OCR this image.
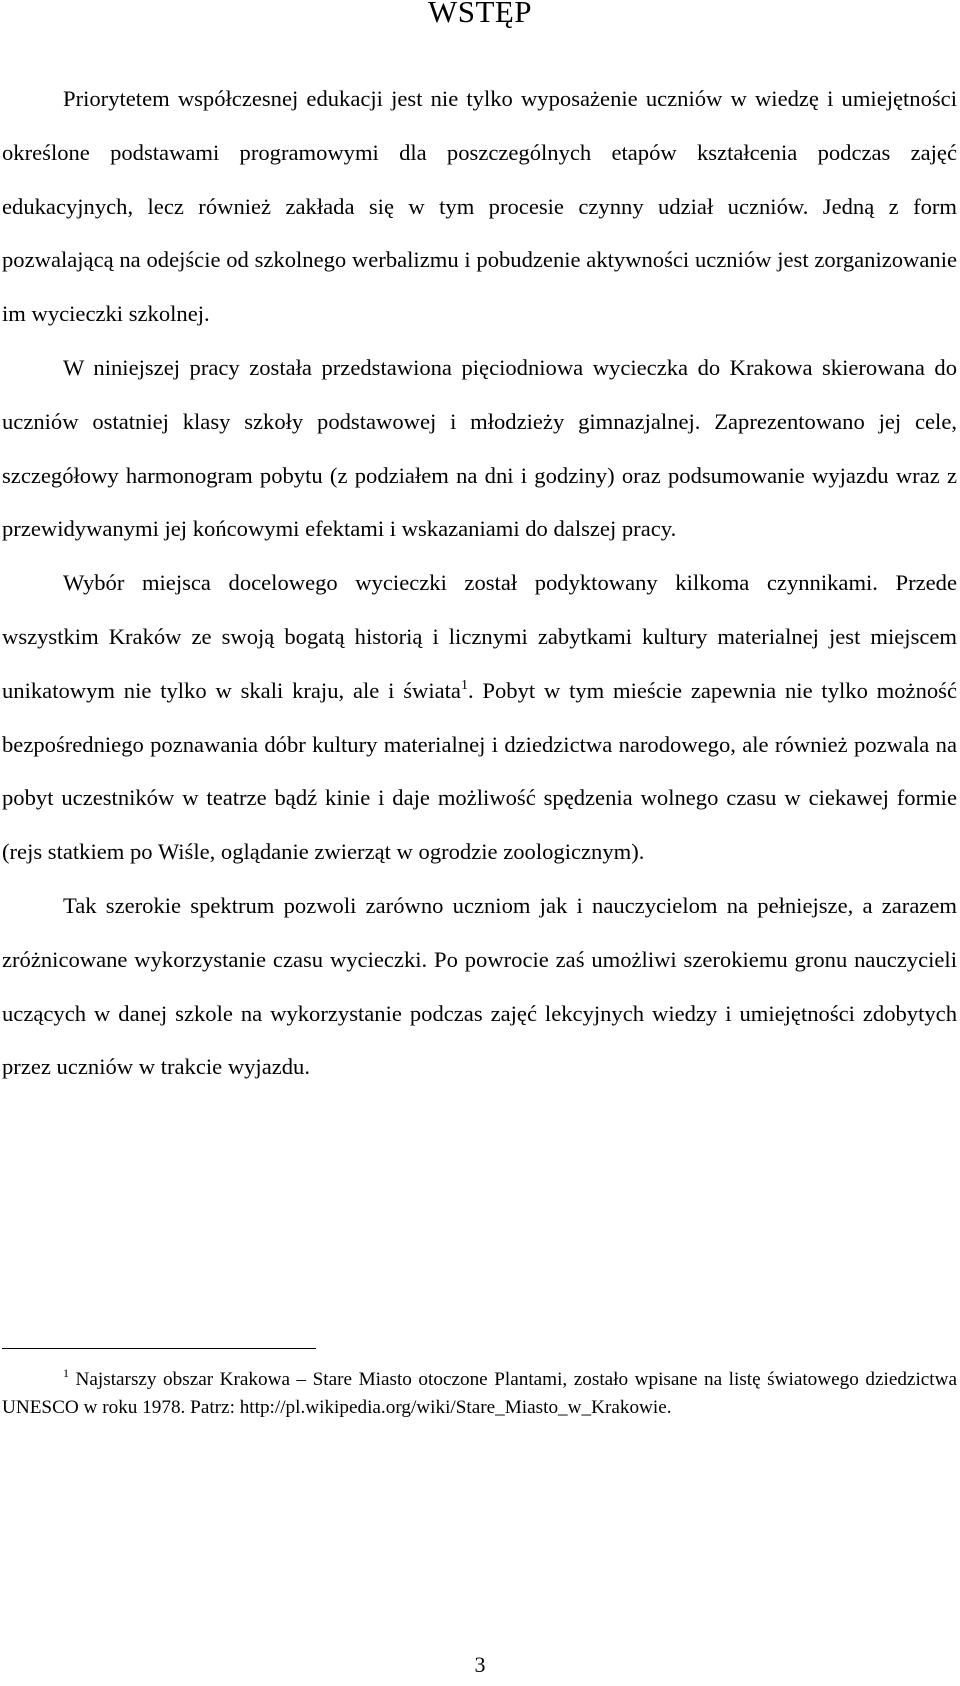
WSTĘP

Priorytetem współczesnej edukacji jest nie tylko wyposażenie uczniów w wiedzę i umiejętności określone podstawami programowymi dla poszczególnych etapów kształcenia podczas zajęć edukacyjnych, lecz również zakłada się w tym procesie czynny udział uczniów. Jedną z form pozwalającą na odejście od szkolnego werbalizmu i pobudzenie aktywności uczniów jest zorganizowanie im wycieczki szkolnej.

W niniejszej pracy została przedstawiona pięciodniowa wycieczka do Krakowa skierowana do uczniów ostatniej klasy szkoły podstawowej i młodzieży gimnazjalnej. Zaprezentowano jej cele, szczegółowy harmonogram pobytu (z podziałem na dni i godziny) oraz podsumowanie wyjazdu wraz z przewidywanymi jej końcowymi efektami i wskazaniami do dalszej pracy.

Wybór miejsca docelowego wycieczki został podyktowany kilkoma czynnikami. Przede wszystkim Kraków ze swoją bogatą historią i licznymi zabytkami kultury materialnej jest miejscem unikatowym nie tylko w skali kraju, ale i świata$^1$. Pobyt w tym mieście zapewnia nie tylko możność bezpośredniego poznawania dóbr kultury materialnej i dziedzictwa narodowego, ale również pozwala na pobyt uczestników w teatrze bądź kinie i daje możliwość spędzenia wolnego czasu w ciekawej formie (rejs statkiem po Wiśle, oglądanie zwierząt w ogrodzie zoologicznym).

Tak szerokie spektrum pozwoli zarówno uczniom jak i nauczycielom na pełniejsze, a zarazem zróżnicowane wykorzystanie czasu wycieczki. Po powrocie zaś umożliwi szerokiemu gronu nauczycieli uczących w danej szkole na wykorzystanie podczas zajęć lekcyjnych wiedzy i umiejętności zdobytych przez uczniów w trakcie wyjazdu.

$^1$ Najstarszy obszar Krakowa – Stare Miasto otoczone Plantami, zostało wpisane na listę światowego dziedzictwa UNESCO w roku 1978. Patrz: http://pl.wikipedia.org/wiki/Stare_Miasto_w_Krakowie.

3
